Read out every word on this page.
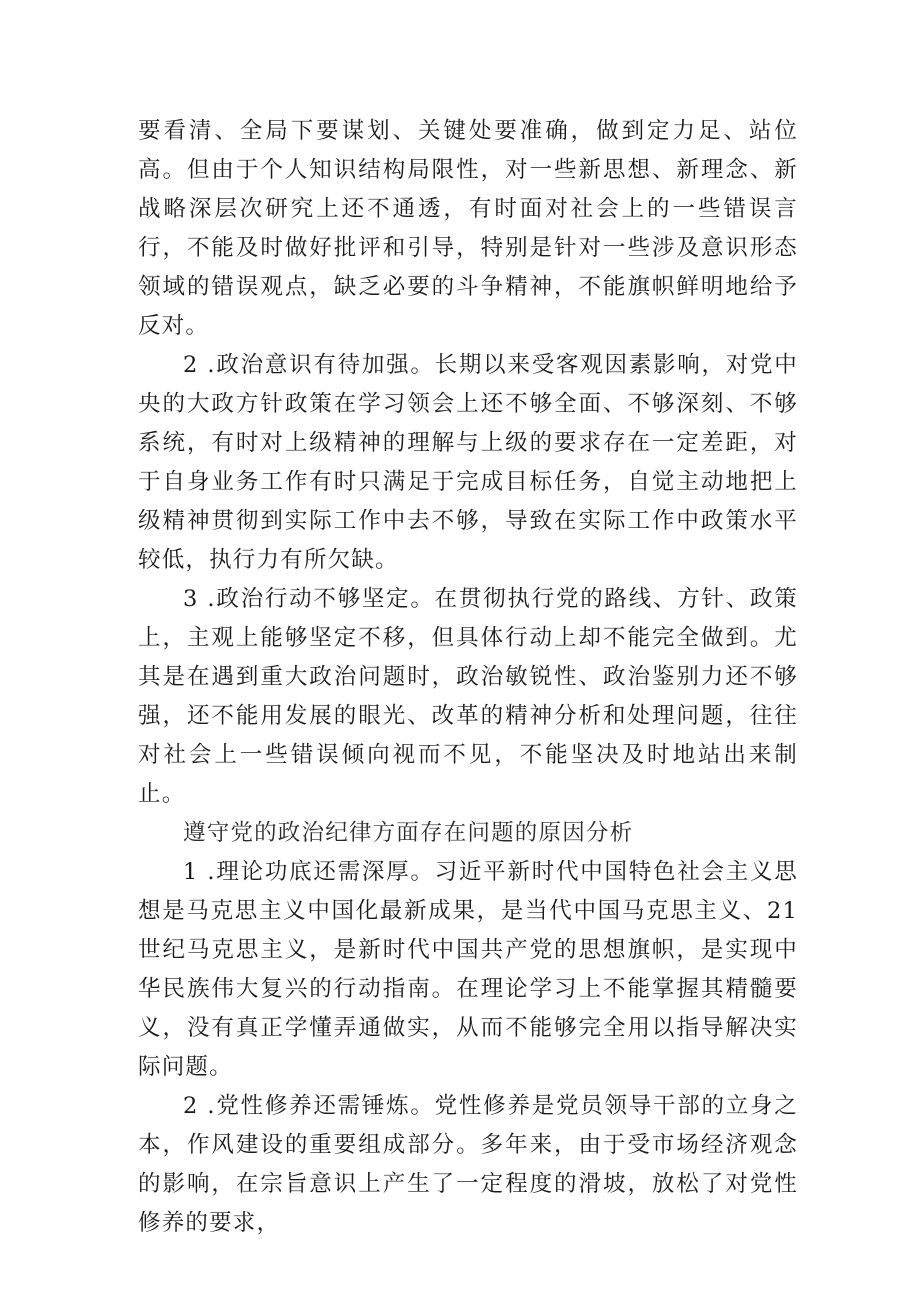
要看清、全局下要谋划、关键处要准确，做到定力足、站位高。但由于个人知识结构局限性，对一些新思想、新理念、新战略深层次研究上还不通透，有时面对社会上的一些错误言行，不能及时做好批评和引导，特别是针对一些涉及意识形态领域的错误观点，缺乏必要的斗争精神，不能旗帜鲜明地给予反对。

2 .政治意识有待加强。长期以来受客观因素影响，对党中央的大政方针政策在学习领会上还不够全面、不够深刻、不够系统，有时对上级精神的理解与上级的要求存在一定差距，对于自身业务工作有时只满足于完成目标任务，自觉主动地把上级精神贯彻到实际工作中去不够，导致在实际工作中政策水平较低，执行力有所欠缺。

3 .政治行动不够坚定。在贯彻执行党的路线、方针、政策上，主观上能够坚定不移，但具体行动上却不能完全做到。尤其是在遇到重大政治问题时，政治敏锐性、政治鉴别力还不够强，还不能用发展的眼光、改革的精神分析和处理问题，往往对社会上一些错误倾向视而不见，不能坚决及时地站出来制止。

遵守党的政治纪律方面存在问题的原因分析

1 .理论功底还需深厚。习近平新时代中国特色社会主义思想是马克思主义中国化最新成果，是当代中国马克思主义、21世纪马克思主义，是新时代中国共产党的思想旗帜，是实现中华民族伟大复兴的行动指南。在理论学习上不能掌握其精髓要义，没有真正学懂弄通做实，从而不能够完全用以指导解决实际问题。

2 .党性修养还需锤炼。党性修养是党员领导干部的立身之本，作风建设的重要组成部分。多年来，由于受市场经济观念的影响，在宗旨意识上产生了一定程度的滑坡，放松了对党性修养的要求，
